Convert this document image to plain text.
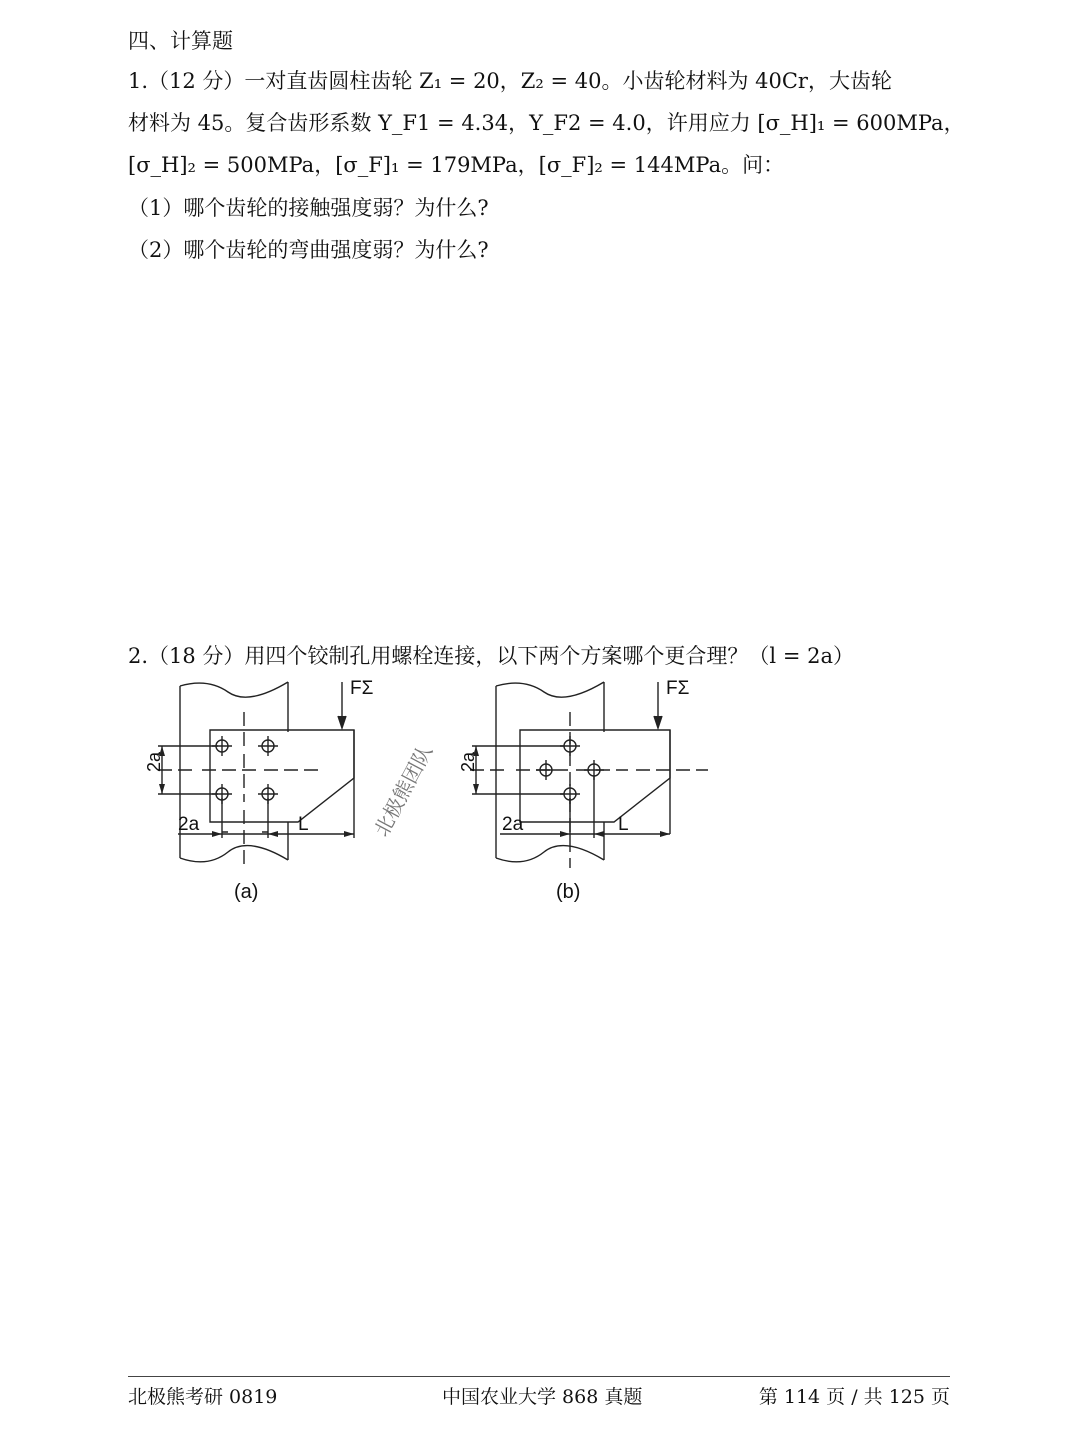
四、计算题
1.（12 分）一对直齿圆柱齿轮 Z₁ = 20，Z₂ = 40。小齿轮材料为 40Cr，大齿轮
材料为 45。复合齿形系数 Y_F1 = 4.34，Y_F2 = 4.0，许用应力 [σ_H]₁ = 600MPa，
[σ_H]₂ = 500MPa，[σ_F]₁ = 179MPa，[σ_F]₂ = 144MPa。问：
（1）哪个齿轮的接触强度弱？为什么?
（2）哪个齿轮的弯曲强度弱？为什么?
2.（18 分）用四个铰制孔用螺栓连接，以下两个方案哪个更合理？（l = 2a）
FΣ	FΣ
2a	2a
2a	2a
L	L
(a)	(b)
北极熊团队
北极熊考研 0819	中国农业大学 868 真题	第 114 页 / 共 125 页
